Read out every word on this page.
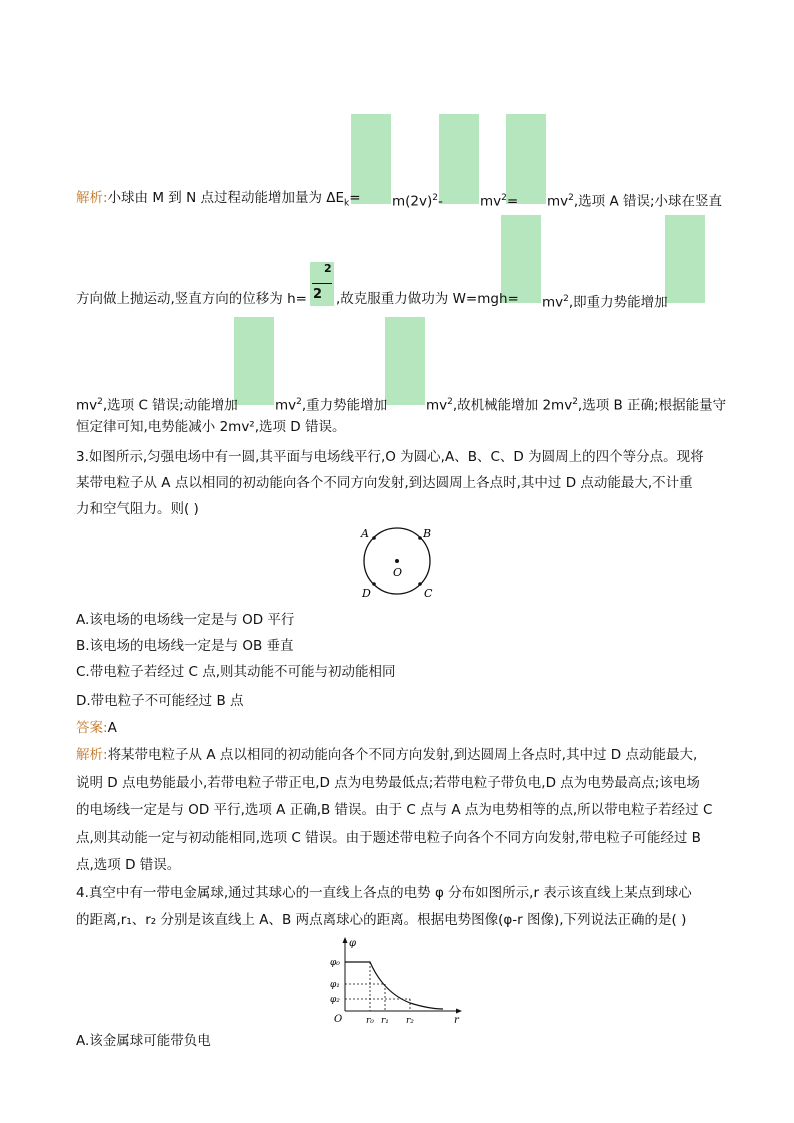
解析:小球由 M 到 N 点过程动能增加量为 $\Delta E_k= m(2v)^2-$	$mv^2= mv^2$,选项 A 错误;小球在竖直
2
2
方向做上抛运动,竖直方向的位移为 h= ,故克服重力做功为 $W=mgh= mv^2$,即重力势能增加
$mv^2$,选项 C 错误;动能增加	$mv^2$,重力势能增加	$mv^2$,故机械能增加 $2mv^2$,选项 B 正确;根据能量守
恒定律可知,电势能减小 2mv²,选项 D 错误。
3.如图所示,匀强电场中有一圆,其平面与电场线平行,O 为圆心,A、B、C、D 为圆周上的四个等分点。现将
某带电粒子从 A 点以相同的初动能向各个不同方向发射,到达圆周上各点时,其中过 D 点动能最大,不计重
力和空气阻力。则( )
A	B
C
D
O
A.该电场的电场线一定是与 OD 平行
B.该电场的电场线一定是与 OB 垂直
C.带电粒子若经过 C 点,则其动能不可能与初动能相同
D.带电粒子不可能经过 B 点
答案:A
解析:将某带电粒子从 A 点以相同的初动能向各个不同方向发射,到达圆周上各点时,其中过 D 点动能最大,
说明 D 点电势能最小,若带电粒子带正电,D 点为电势最低点;若带电粒子带负电,D 点为电势最高点;该电场
的电场线一定是与 OD 平行,选项 A 正确,B 错误。由于 C 点与 A 点为电势相等的点,所以带电粒子若经过 C
点,则其动能一定与初动能相同,选项 C 错误。由于题述带电粒子向各个不同方向发射,带电粒子可能经过 B
点,选项 D 错误。
4.真空中有一带电金属球,通过其球心的一直线上各点的电势 φ 分布如图所示,r 表示该直线上某点到球心
的距离,r₁、r₂ 分别是该直线上 A、B 两点离球心的距离。根据电势图像(φ-r 图像),下列说法正确的是( )
φ
φ₀
φ₁
φ₂
O	r₀ r₁ r₂	r
A.该金属球可能带负电
